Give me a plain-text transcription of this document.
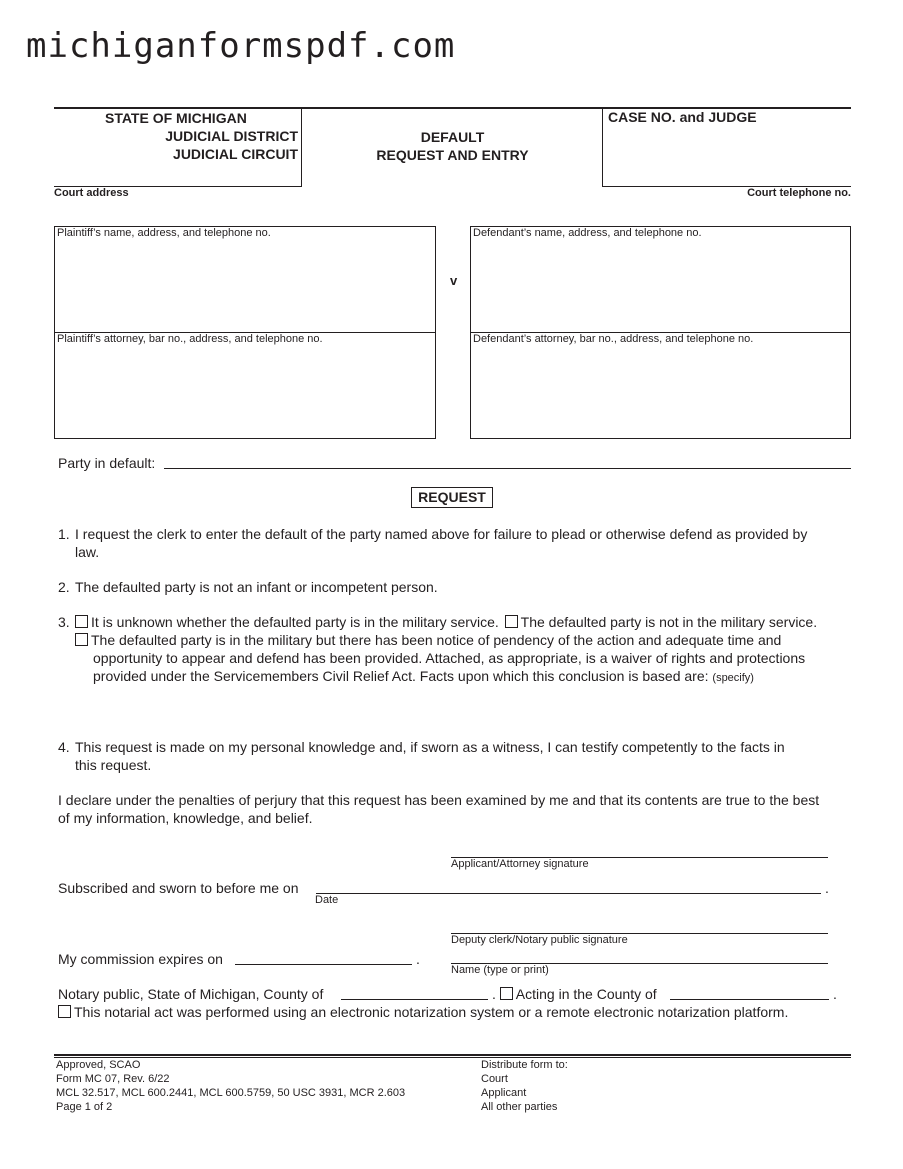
michiganformspdf.com
STATE OF MICHIGAN
JUDICIAL DISTRICT
JUDICIAL CIRCUIT
DEFAULT
REQUEST AND ENTRY
CASE NO. and JUDGE
Court address	Court telephone no.
Plaintiff’s name, address, and telephone no.
Plaintiff’s attorney, bar no., address, and telephone no.
v
Defendant’s name, address, and telephone no.
Defendant’s attorney, bar no., address, and telephone no.
Party in default:
REQUEST
1. I request the clerk to enter the default of the party named above for failure to plead or otherwise defend as provided by
law.
2. The defaulted party is not an infant or incompetent person.
3.	It is unknown whether the defaulted party is in the military service. The defaulted party is not in the military service.
The defaulted party is in the military but there has been notice of pendency of the action and adequate time and
opportunity to appear and defend has been provided. Attached, as appropriate, is a waiver of rights and protections
provided under the Servicemembers Civil Relief Act. Facts upon which this conclusion is based are: (specify)
4. This request is made on my personal knowledge and, if sworn as a witness, I can testify competently to the facts in
this request.
I declare under the penalties of perjury that this request has been examined by me and that its contents are true to the best
of my information, knowledge, and belief.
Applicant/Attorney signature
Subscribed and sworn to before me on	.
Date
Deputy clerk/Notary public signature
My commission expires on	.
Name (type or print)
Notary public, State of Michigan, County of	. Acting in the County of	.
This notarial act was performed using an electronic notarization system or a remote electronic notarization platform.
Approved, SCAO
Form MC 07, Rev. 6/22
MCL 32.517, MCL 600.2441, MCL 600.5759, 50 USC 3931, MCR 2.603
Page 1 of 2
Distribute form to:
Court
Applicant
All other parties
